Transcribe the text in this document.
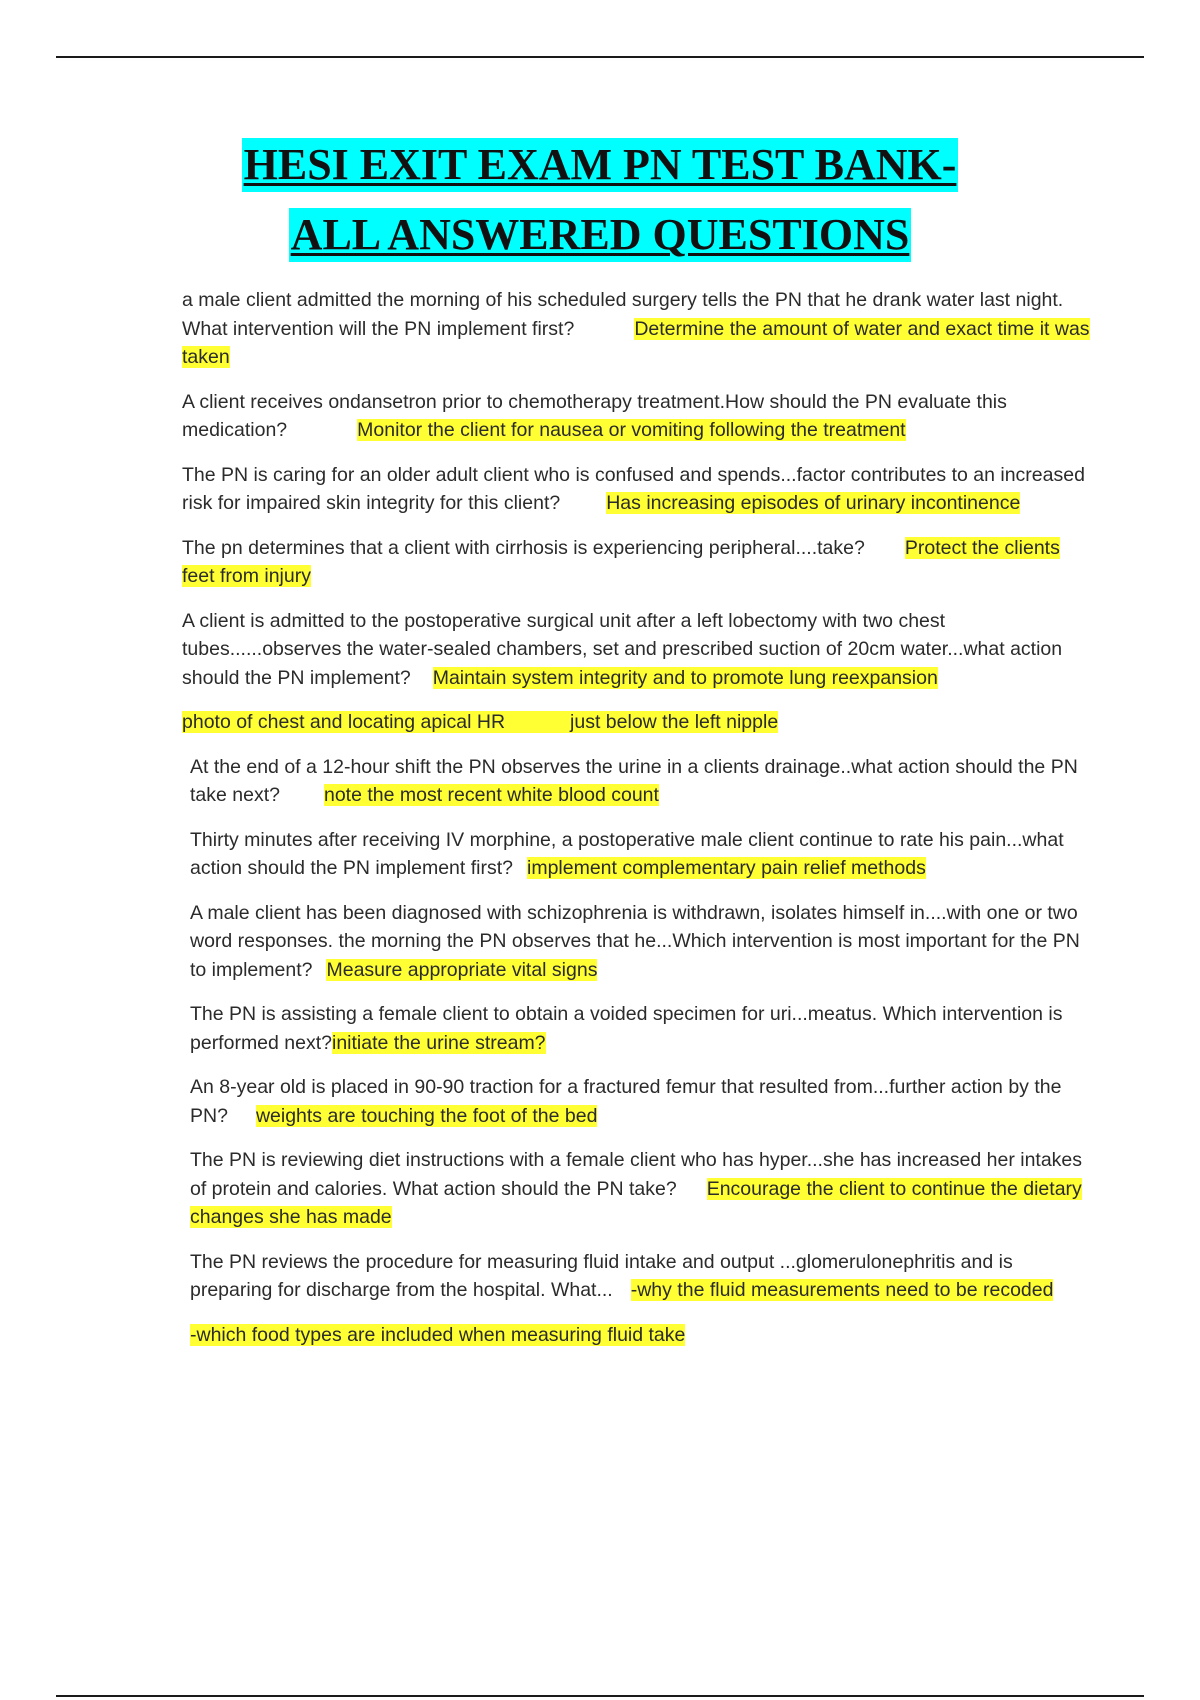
HESI EXIT EXAM PN TEST BANK-
ALL ANSWERED QUESTIONS

a male client admitted the morning of his scheduled surgery tells the PN that he drank water last night. What intervention will the PN implement first?	Determine the amount of water and exact time it was taken

A client receives ondansetron prior to chemotherapy treatment.How should the PN evaluate this medication?	Monitor the client for nausea or vomiting following the treatment

The PN is caring for an older adult client who is confused and spends...factor contributes to an increased risk for impaired skin integrity for this client? Has increasing episodes of urinary incontinence

The pn determines that a client with cirrhosis is experiencing peripheral....take? Protect the clients feet from injury

A client is admitted to the postoperative surgical unit after a left lobectomy with two chest tubes......observes the water-sealed chambers, set and prescribed suction of 20cm water...what action should the PN implement? Maintain system integrity and to promote lung reexpansion

photo of chest and locating apical HR            just below the left nipple

At the end of a 12-hour shift the PN observes the urine in a clients drainage..what action should the PN take next? note the most recent white blood count

Thirty minutes after receiving IV morphine, a postoperative male client continue to rate his pain...what action should the PN implement first? implement complementary pain relief methods

A male client has been diagnosed with schizophrenia is withdrawn, isolates himself in....with one or two word responses. the morning the PN observes that he...Which intervention is most important for the PN to implement? Measure appropriate vital signs

The PN is assisting a female client to obtain a voided specimen for uri...meatus. Which intervention is performed next?initiate the urine stream?

An 8-year old is placed in 90-90 traction for a fractured femur that resulted from...further action by the PN? weights are touching the foot of the bed

The PN is reviewing diet instructions with a female client who has hyper...she has increased her intakes of protein and calories. What action should the PN take? Encourage the client to continue the dietary changes she has made

The PN reviews the procedure for measuring fluid intake and output ...glomerulonephritis and is preparing for discharge from the hospital. What... -why the fluid measurements need to be recoded

-which food types are included when measuring fluid take
